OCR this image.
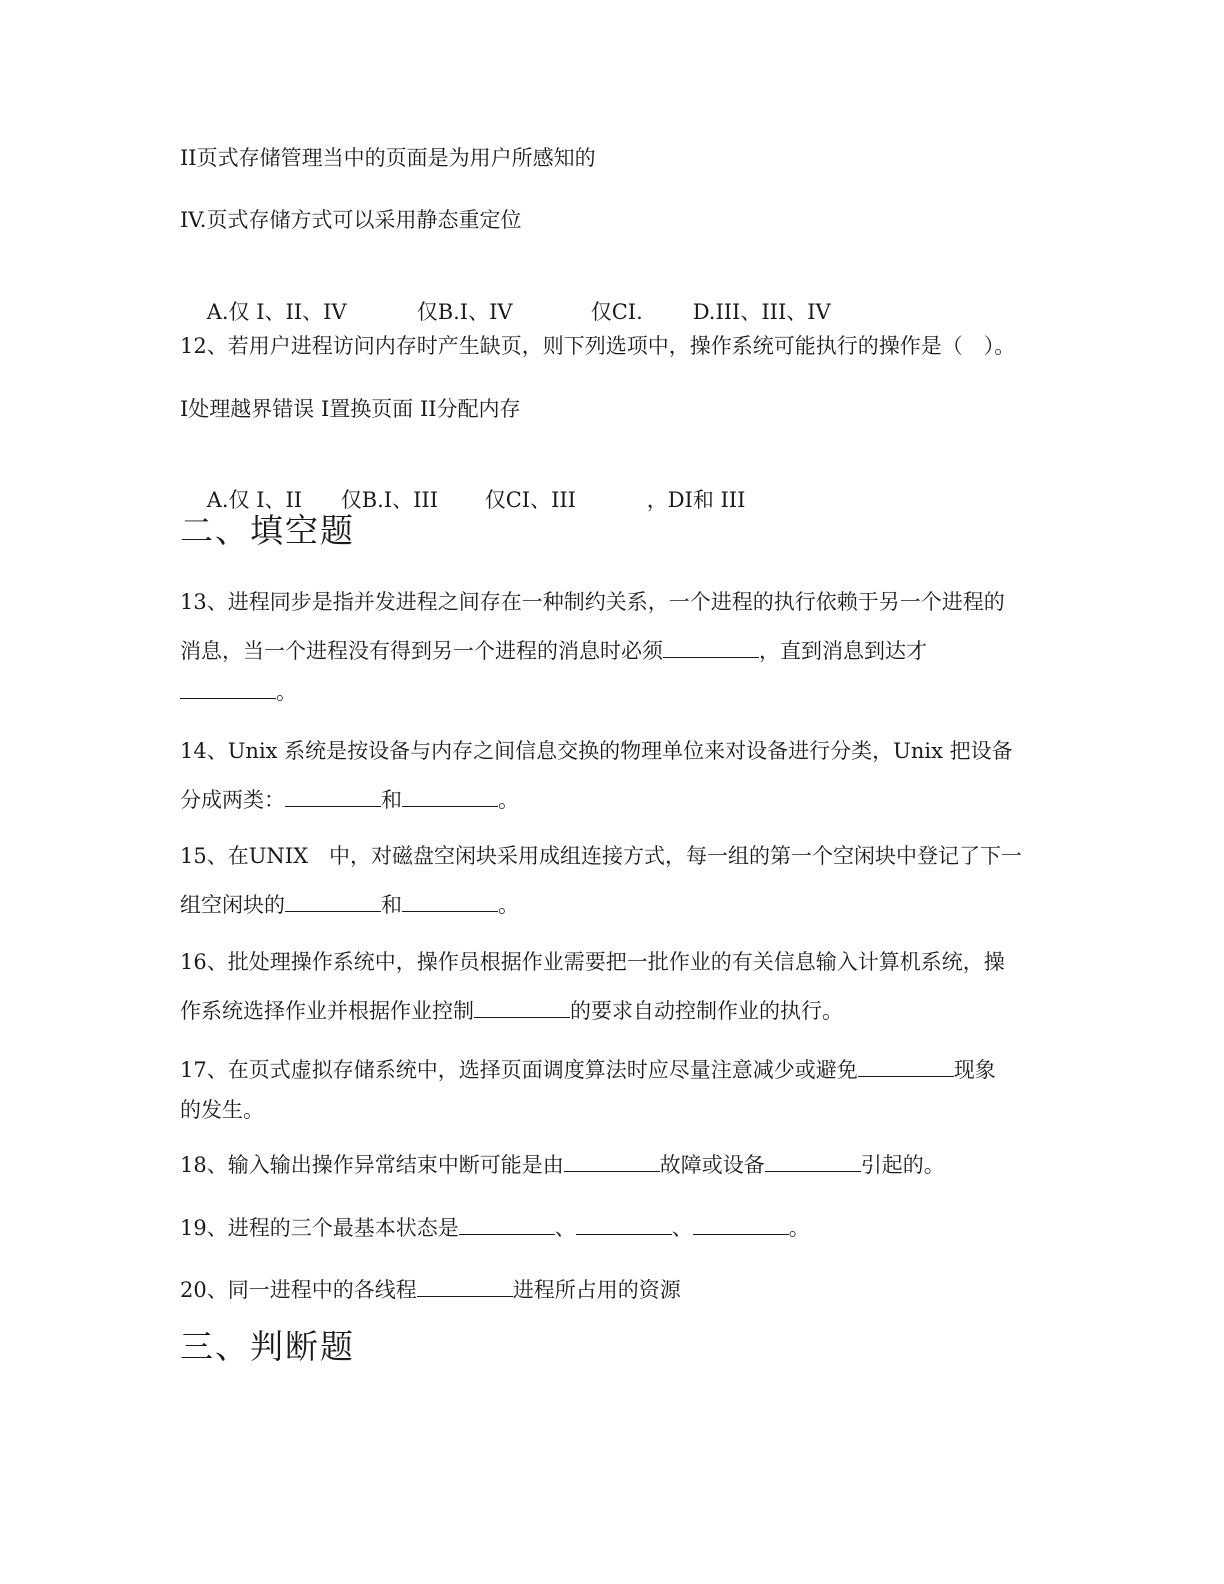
II页式存储管理当中的页面是为用户所感知的
IV.页式存储方式可以采用静态重定位

A.仅 I、II、IV	仅B.I、IV	仅CI. D.III、III、IV

12、若用户进程访问内存时产生缺页，则下列选项中，操作系统可能执行的操作是（　）。
I处理越界错误 I置换页面 II分配内存

A.仅 I、II 仅B.I、III 仅CI、III	，DI和 III

二、填空题
13、进程同步是指并发进程之间存在一种制约关系，一个进程的执行依赖于另一个进程的
消息，当一个进程没有得到另一个进程的消息时必须	，直到消息到达才
。
14、Unix 系统是按设备与内存之间信息交换的物理单位来对设备进行分类，Unix 把设备
分成两类：	和	。
15、在UNIX　中，对磁盘空闲块采用成组连接方式，每一组的第一个空闲块中登记了下一
组空闲块的	和	。
16、批处理操作系统中，操作员根据作业需要把一批作业的有关信息输入计算机系统，操
作系统选择作业并根据作业控制	的要求自动控制作业的执行。
17、在页式虚拟存储系统中，选择页面调度算法时应尽量注意减少或避免	现象
的发生。
18、输入输出操作异常结束中断可能是由	故障或设备	引起的。
19、进程的三个最基本状态是	、	、	。
20、同一进程中的各线程	进程所占用的资源
三、判断题
